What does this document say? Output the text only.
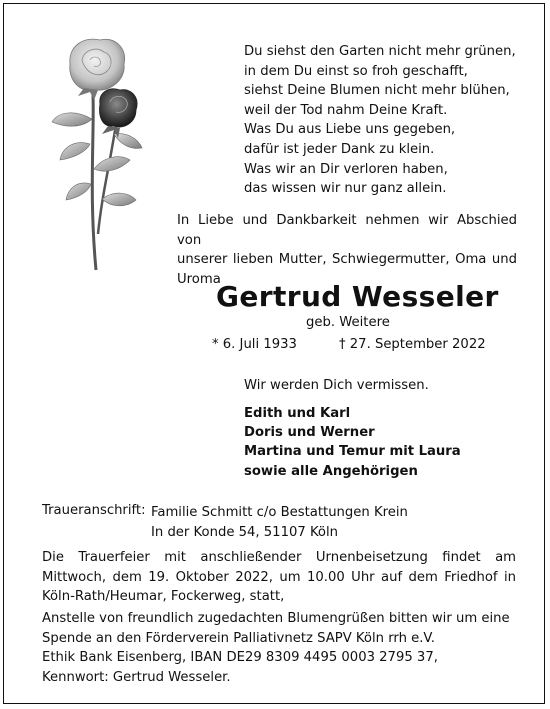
Du siehst den Garten nicht mehr grünen,
in dem Du einst so froh geschafft,
siehst Deine Blumen nicht mehr blühen,
weil der Tod nahm Deine Kraft.
Was Du aus Liebe uns gegeben,
dafür ist jeder Dank zu klein.
Was wir an Dir verloren haben,
das wissen wir nur ganz allein.
In Liebe und Dankbarkeit nehmen wir Abschied von
unserer lieben Mutter, Schwiegermutter, Oma und
Uroma
Gertrud Wesseler
geb. Weitere
* 6. Juli 1933	† 27. September 2022
Wir werden Dich vermissen.
Edith und Karl
Doris und Werner
Martina und Temur mit Laura
sowie alle Angehörigen
Traueranschrift: Familie Schmitt c/o Bestattungen Krein
In der Konde 54, 51107 Köln
Die Trauerfeier mit anschließender Urnenbeisetzung findet am
Mittwoch, dem 19. Oktober 2022, um 10.00 Uhr auf dem Friedhof in
Köln-Rath/Heumar, Fockerweg, statt,
Anstelle von freundlich zugedachten Blumengrüßen bitten wir um eine
Spende an den Förderverein Palliativnetz SAPV Köln rrh e.V.
Ethik Bank Eisenberg, IBAN DE29 8309 4495 0003 2795 37,
Kennwort: Gertrud Wesseler.
